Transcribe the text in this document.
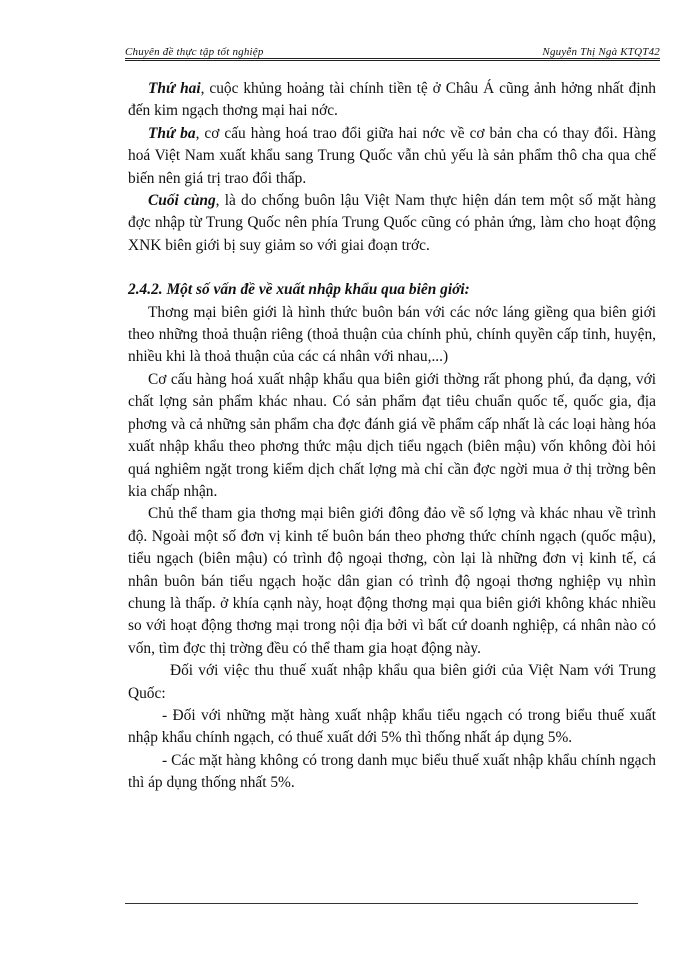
Chuyên đề thực tập tốt nghiệp	Nguyễn Thị Ngà KTQT42

Thứ hai, cuộc khủng hoảng tài chính tiền tệ ở Châu Á cũng ảnh hởng nhất định đến kim ngạch thơng mại hai nớc.

Thứ ba, cơ cấu hàng hoá trao đổi giữa hai nớc về cơ bản cha có thay đổi. Hàng hoá Việt Nam xuất khẩu sang Trung Quốc vẫn chủ yếu là sản phẩm thô cha qua chế biến nên giá trị trao đổi thấp.

Cuối cùng, là do chống buôn lậu Việt Nam thực hiện dán tem một số mặt hàng đợc nhập từ Trung Quốc nên phía Trung Quốc cũng có phản ứng, làm cho hoạt động XNK biên giới bị suy giảm so với giai đoạn trớc.

2.4.2. Một số vấn đề về xuất nhập khẩu qua biên giới:

Thơng mại biên giới là hình thức buôn bán với các nớc láng giềng qua biên giới theo những thoả thuận riêng (thoả thuận của chính phủ, chính quyền cấp tỉnh, huyện, nhiều khi là thoả thuận của các cá nhân với nhau,...)

Cơ cấu hàng hoá xuất nhập khẩu qua biên giới thờng rất phong phú, đa dạng, với chất lợng sản phẩm khác nhau. Có sản phẩm đạt tiêu chuẩn quốc tế, quốc gia, địa phơng và cả những sản phẩm cha đợc đánh giá về phẩm cấp nhất là các loại hàng hóa xuất nhập khẩu theo phơng thức mậu dịch tiểu ngạch (biên mậu) vốn không đòi hỏi quá nghiêm ngặt trong kiểm dịch chất lợng mà chỉ cần đợc ngời mua ở thị trờng bên kia chấp nhận.

Chủ thể tham gia thơng mại biên giới đông đảo về số lợng và khác nhau về trình độ. Ngoài một số đơn vị kinh tế buôn bán theo phơng thức chính ngạch (quốc mậu), tiểu ngạch (biên mậu) có trình độ ngoại thơng, còn lại là những đơn vị kinh tế, cá nhân buôn bán tiểu ngạch hoặc dân gian có trình độ ngoại thơng nghiệp vụ nhìn chung là thấp. ở khía cạnh này, hoạt động thơng mại qua biên giới không khác nhiều so với hoạt động thơng mại trong nội địa bởi vì bất cứ doanh nghiệp, cá nhân nào có vốn, tìm đợc thị trờng đều có thể tham gia hoạt động này.

Đối với việc thu thuế xuất nhập khẩu qua biên giới của Việt Nam với Trung Quốc:

- Đối với những mặt hàng xuất nhập khẩu tiểu ngạch có trong biểu thuế xuất nhập khẩu chính ngạch, có thuế xuất dới 5% thì thống nhất áp dụng 5%.

- Các mặt hàng không có trong danh mục biểu thuế xuất nhập khẩu chính ngạch thì áp dụng thống nhất 5%.
